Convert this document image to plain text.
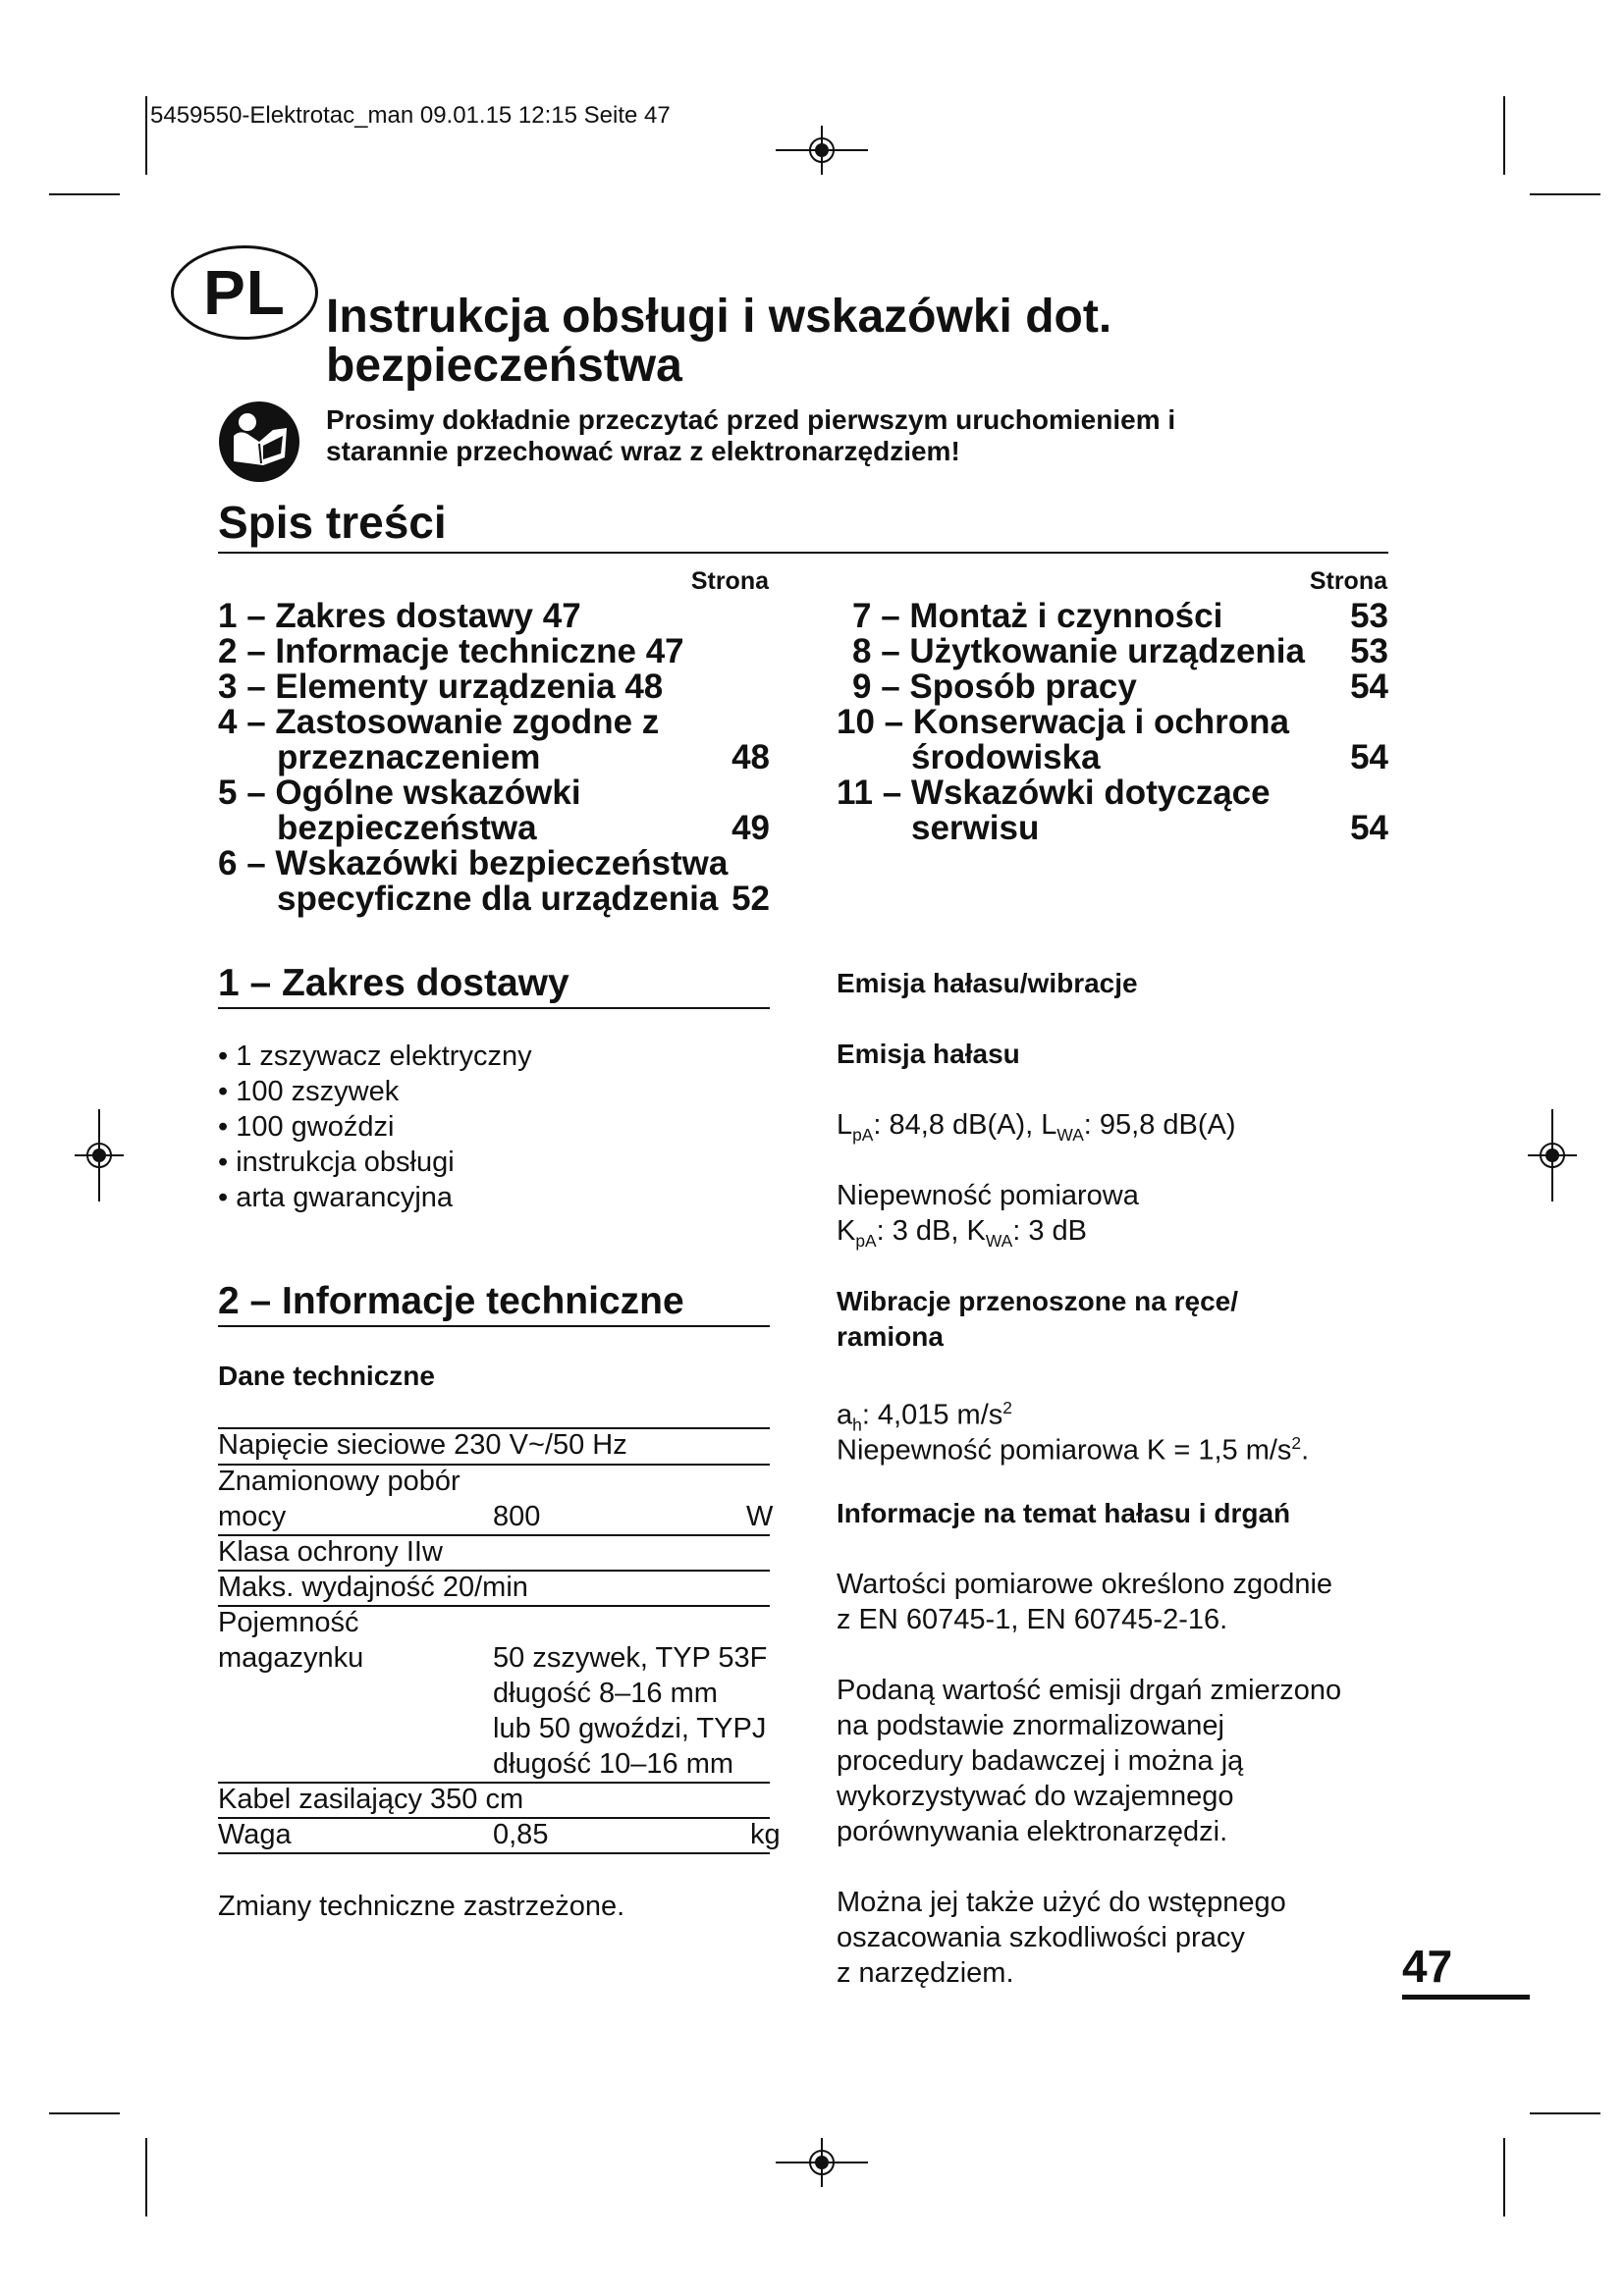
5459550-Elektrotac_man 09.01.15 12:15 Seite 47
PL Instrukcja obsługi i wskazówki dot.
bezpieczeństwa
Prosimy dokładnie przeczytać przed pierwszym uruchomieniem i
starannie przechować wraz z elektronarzędziem!
Spis treści
Strona	Strona
1 – Zakres dostawy 47
2 – Informacje techniczne 47
3 – Elementy urządzenia 48
4 – Zastosowanie zgodne z
przeznaczeniem	48
5 – Ogólne wskazówki
bezpieczeństwa	49
6 – Wskazówki bezpieczeństwa
specyficzne dla urządzenia 52
7 – Montaż i czynności	53
8 – Użytkowanie urządzenia 53
9 – Sposób pracy	54
10 – Konserwacja i ochrona
środowiska	54
11 – Wskazówki dotyczące
serwisu	54
1 – Zakres dostawy
• 1 zszywacz elektryczny
• 100 zszywek
• 100 gwoździ
• instrukcja obsługi
• arta gwarancyjna
2 – Informacje techniczne
Dane techniczne
Napięcie sieciowe 230 V~/50 Hz
Znamionowy pobór
mocy	800	W
Klasa ochrony IIw
Maks. wydajność 20/min
Pojemność
magazynku	50 zszywek, TYP 53F
długość 8–16 mm
lub 50 gwoździ, TYPJ
długość 10–16 mm
Kabel zasilający 350 cm
Waga	0,85	kg
Zmiany techniczne zastrzeżone.
Emisja hałasu/wibracje
Emisja hałasu
$L_{pA}$: 84,8 dB(A), $L_{WA}$: 95,8 dB(A)
Niepewność pomiarowa
$K_{pA}$: 3 dB, $K_{WA}$: 3 dB
Wibracje przenoszone na ręce/
ramiona
$a_h$: 4,015 $m/s^2$
Niepewność pomiarowa K = 1,5 $m/s^2$.
Informacje na temat hałasu i drgań
Wartości pomiarowe określono zgodnie
z EN 60745-1, EN 60745-2-16.
Podaną wartość emisji drgań zmierzono
na podstawie znormalizowanej
procedury badawczej i można ją
wykorzystywać do wzajemnego
porównywania elektronarzędzi.
Można jej także użyć do wstępnego
oszacowania szkodliwości pracy
z narzędziem.	47
